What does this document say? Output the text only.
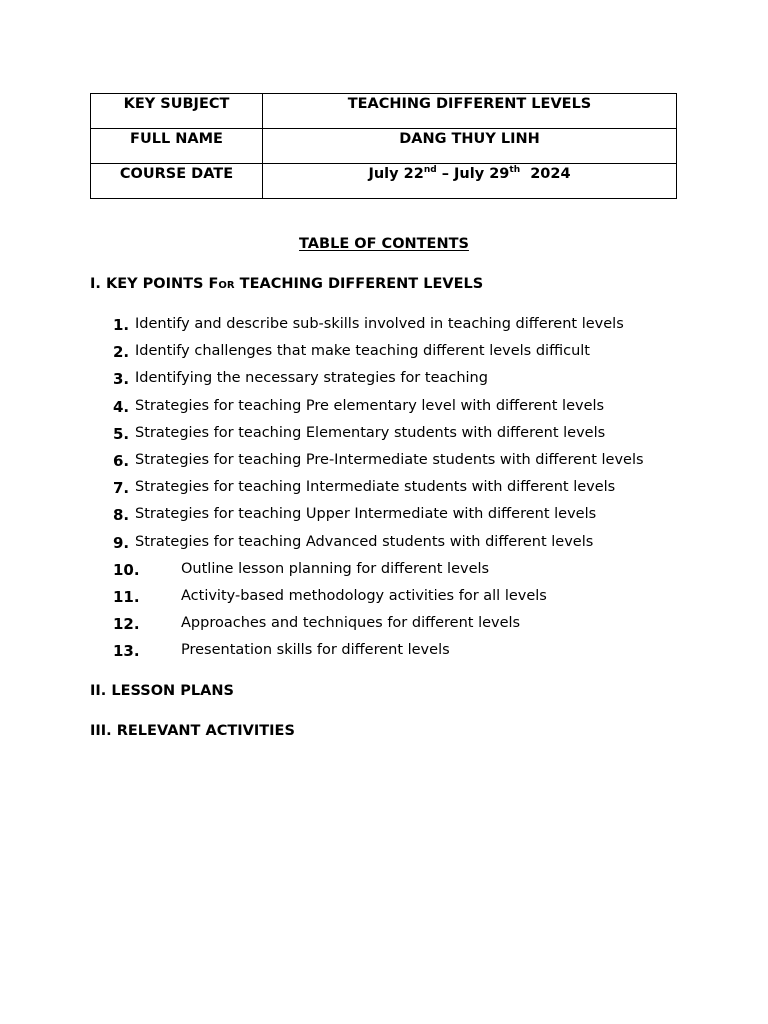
KEY SUBJECT	TEACHING DIFFERENT LEVELS
FULL NAME	DANG THUY LINH
COURSE DATE	July 22nd – July 29th  2024
TABLE OF CONTENTS
I. KEY POINTS For TEACHING DIFFERENT LEVELS
1. Identify and describe sub-skills involved in teaching different levels
2. Identify challenges that make teaching different levels difficult
3. Identifying the necessary strategies for teaching
4. Strategies for teaching Pre elementary level with different levels
5. Strategies for teaching Elementary students with different levels
6. Strategies for teaching Pre-Intermediate students with different levels
7. Strategies for teaching Intermediate students with different levels
8. Strategies for teaching Upper Intermediate with different levels
9. Strategies for teaching Advanced students with different levels
10.	Outline lesson planning for different levels
11.	Activity-based methodology activities for all levels
12.	Approaches and techniques for different levels
13.	Presentation skills for different levels
II. LESSON PLANS
III. RELEVANT ACTIVITIES
